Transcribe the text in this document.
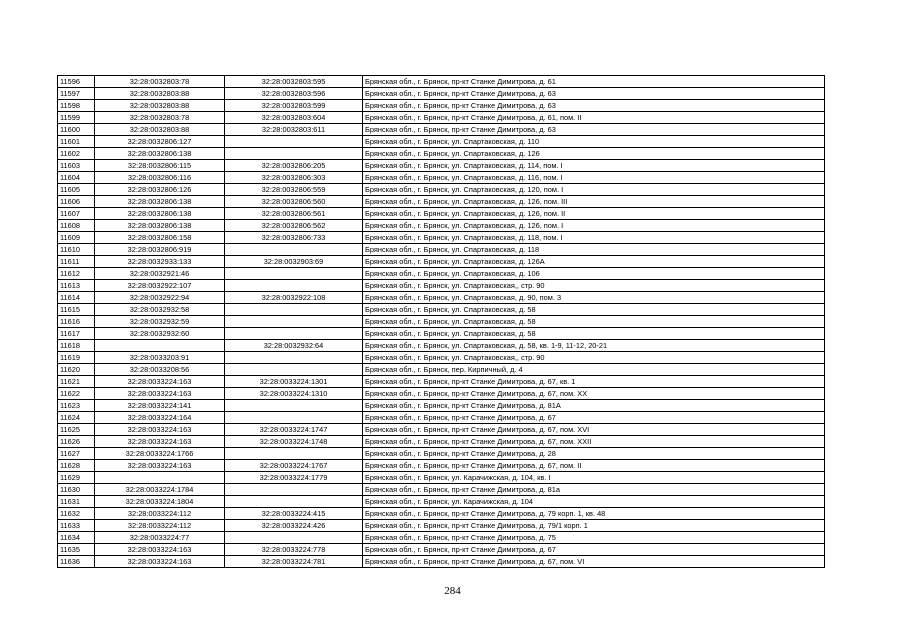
11596	32:28:0032803:78	32:28:0032803:595	Брянская обл., г. Брянск, пр-кт Станке Димитрова, д. 61
11597	32:28:0032803:88	32:28:0032803:596	Брянская обл., г. Брянск, пр-кт Станке Димитрова, д. 63
11598	32:28:0032803:88	32:28:0032803:599	Брянская обл., г. Брянск, пр-кт Станке Димитрова, д. 63
11599	32:28:0032803:78	32:28:0032803:604	Брянская обл., г. Брянск, пр-кт Станке Димитрова, д. 61, пом. II
11600	32:28:0032803:88	32:28:0032803:611	Брянская обл., г. Брянск, пр-кт Станке Димитрова, д. 63
11601	32:28:0032806:127		Брянская обл., г. Брянск, ул. Спартаковская, д. 110
11602	32:28:0032806:138		Брянская обл., г. Брянск, ул. Спартаковская, д. 126
11603	32:28:0032806:115	32:28:0032806:205	Брянская обл., г. Брянск, ул. Спартаковская, д. 114, пом. I
11604	32:28:0032806:116	32:28:0032806:303	Брянская обл., г. Брянск, ул. Спартаковская, д. 116, пом. I
11605	32:28:0032806:126	32:28:0032806:559	Брянская обл., г. Брянск, ул. Спартаковская, д. 120, пом. I
11606	32:28:0032806:138	32:28:0032806:560	Брянская обл., г. Брянск, ул. Спартаковская, д. 126, пом. III
11607	32:28:0032806:138	32:28:0032806:561	Брянская обл., г. Брянск, ул. Спартаковская, д. 126, пом. II
11608	32:28:0032806:138	32:28:0032806:562	Брянская обл., г. Брянск, ул. Спартаковская, д. 126, пом. I
11609	32:28:0032806:158	32:28:0032806:733	Брянская обл., г. Брянск, ул. Спартаковская, д. 118, пом. I
11610	32:28:0032806:919		Брянская обл., г. Брянск, ул. Спартаковская, д. 118
11611	32:28:0032933:133	32:28:0032903:69	Брянская обл., г. Брянск, ул. Спартаковская, д. 126А
11612	32:28:0032921:46		Брянская обл., г. Брянск, ул. Спартаковская, д. 106
11613	32:28:0032922:107		Брянская обл., г. Брянск, ул. Спартаковская,, стр. 90
11614	32:28:0032922:94	32:28:0032922:108	Брянская обл., г. Брянск, ул. Спартаковская, д. 90, пом. 3
11615	32:28:0032932:58		Брянская обл., г. Брянск, ул. Спартаковская, д. 58
11616	32:28:0032932:59		Брянская обл., г. Брянск, ул. Спартаковская, д. 58
11617	32:28:0032932:60		Брянская обл., г. Брянск, ул. Спартаковская, д. 58
11618		32:28:0032932:64	Брянская обл., г. Брянск, ул. Спартаковская, д. 58, кв. 1-9, 11-12, 20-21
11619	32:28:0033203:91		Брянская обл., г. Брянск, ул. Спартаковская,, стр. 90
11620	32:28:0033208:56		Брянская обл., г. Брянск, пер. Кирпичный, д. 4
11621	32:28:0033224:163	32:28:0033224:1301	Брянская обл., г. Брянск, пр-кт Станке Димитрова, д. 67, кв. 1
11622	32:28:0033224:163	32:28:0033224:1310	Брянская обл., г. Брянск, пр-кт Станке Димитрова, д. 67, пом. XX
11623	32:28:0033224:141		Брянская обл., г. Брянск, пр-кт Станке Димитрова, д. 81А
11624	32:28:0033224:164		Брянская обл., г. Брянск, пр-кт Станке Димитрова, д. 67
11625	32:28:0033224:163	32:28:0033224:1747	Брянская обл., г. Брянск, пр-кт Станке Димитрова, д. 67, пом. XVI
11626	32:28:0033224:163	32:28:0033224:1748	Брянская обл., г. Брянск, пр-кт Станке Димитрова, д. 67, пом. XXII
11627	32:28:0033224:1766		Брянская обл., г. Брянск, пр-кт Станке Димитрова, д. 28
11628	32:28:0033224:163	32:28:0033224:1767	Брянская обл., г. Брянск, пр-кт Станке Димитрова, д. 67, пом. II
11629		32:28:0033224:1779	Брянская обл., г. Брянск, ул. Карачижская, д. 104, кв. I
11630	32:28:0033224:1784		Брянская обл., г. Брянск, пр-кт Станке Димитрова, д. 81а
11631	32:28:0033224:1804		Брянская обл., г. Брянск, ул. Карачижская, д. 104
11632	32:28:0033224:112	32:28:0033224:415	Брянская обл., г. Брянск, пр-кт Станке Димитрова, д. 79 корп. 1, кв. 48
11633	32:28:0033224:112	32:28:0033224:426	Брянская обл., г. Брянск, пр-кт Станке Димитрова, д. 79/1 корп. 1
11634	32:28:0033224:77		Брянская обл., г. Брянск, пр-кт Станке Димитрова, д. 75
11635	32:28:0033224:163	32:28:0033224:778	Брянская обл., г. Брянск, пр-кт Станке Димитрова, д. 67
11636	32:28:0033224:163	32:28:0033224:781	Брянская обл., г. Брянск, пр-кт Станке Димитрова, д. 67, пом. VI
284
